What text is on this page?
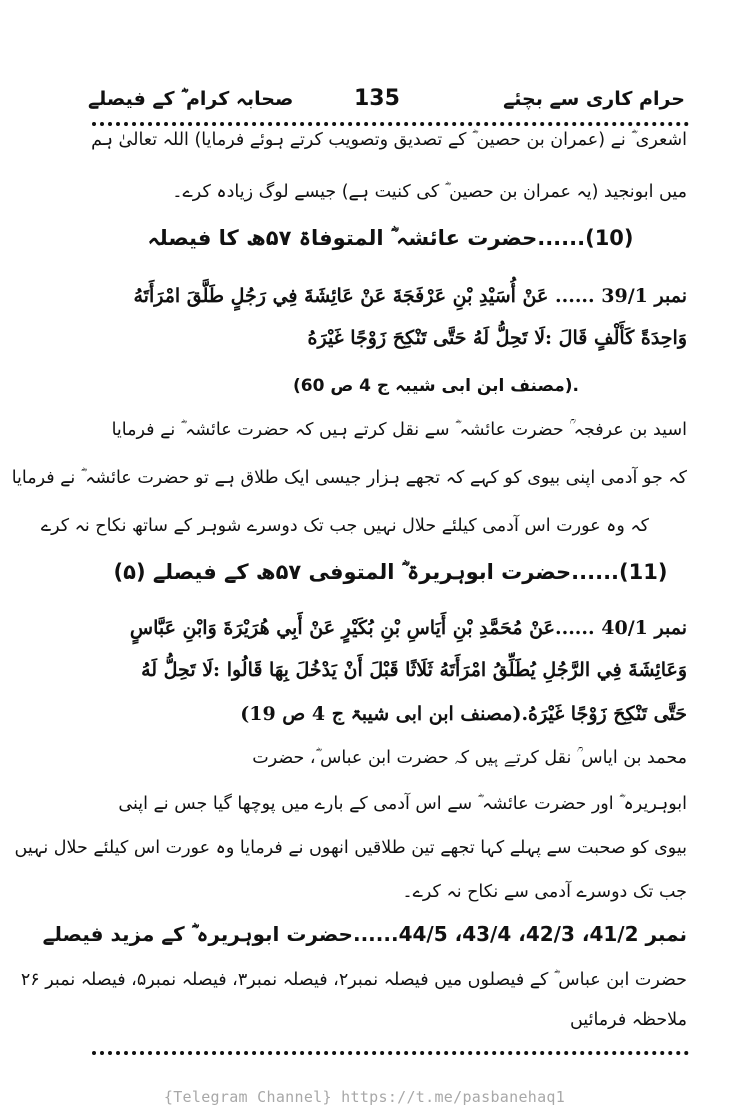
حرام کاری سے بچئے
135
صحابہ کرام ؓ کے فیصلے
اشعری ؓ نے (عمران بن حصین ؓ کے تصدیق وتصویب کرتے ہوئے فرمایا) اللہ تعالیٰ ہم
میں ابونجید (یہ عمران بن حصین ؓ کی کنیت ہے) جیسے لوگ زیادہ کرے۔
(10)......حضرت عائشہ ؓ المتوفاۃ ۵۷ھ کا فیصلہ
نمبر 39/1 ...... عَنْ أُسَيْدِ بْنِ عَرْفَجَةَ عَنْ عَائِشَةَ فِي رَجُلٍ طَلَّقَ امْرَأَتَهُ
وَاحِدَةً كَأَلْفٍ قَالَ :لَا تَحِلُّ لَهُ حَتَّى تَنْكِحَ زَوْجًا غَيْرَهُ
.(مصنف ابن ابی شیبہ ج 4 ص 60)
اسید بن عرفجہ ؒ حضرت عائشہ ؓ سے نقل کرتے ہیں کہ حضرت عائشہ ؓ نے فرمایا
کہ جو آدمی اپنی بیوی کو کہے کہ تجھے ہزار جیسی ایک طلاق ہے تو حضرت عائشہ ؓ نے فرمایا
کہ وہ عورت اس آدمی کیلئے حلال نہیں جب تک دوسرے شوہر کے ساتھ نکاح نہ کرے
(11)......حضرت ابوہریرۃ ؓ المتوفی ۵۷ھ کے فیصلے (۵)
نمبر 40/1 ......عَنْ مُحَمَّدِ بْنِ أَيَاسِ بْنِ بُكَيْرٍ عَنْ أَبِي هُرَيْرَةَ وَابْنِ عَبَّاسٍ
وَعَائِشَةَ فِي الرَّجُلِ يُطَلِّقُ امْرَأَتَهُ ثَلَاثًا قَبْلَ أَنْ يَدْخُلَ بِهَا قَالُوا :لَا تَحِلُّ لَهُ
حَتَّى تَنْكِحَ زَوْجًا غَيْرَهُ.(مصنف ابن ابی شیبۃ ج 4 ص 19)
محمد بن ایاس ؒ نقل کرتے ہیں کہ حضرت ابن عباس ؓ، حضرت
ابوہریرہ ؓ اور حضرت عائشہ ؓ سے اس آدمی کے بارے میں پوچھا گیا جس نے اپنی
بیوی کو صحبت سے پہلے کہا تجھے تین طلاقیں انھوں نے فرمایا وہ عورت اس کیلئے حلال نہیں
جب تک دوسرے آدمی سے نکاح نہ کرے۔
نمبر 41/2، 42/3، 43/4، 44/5......حضرت ابوہریرہ ؓ کے مزید فیصلے
حضرت ابن عباس ؓ کے فیصلوں میں فیصلہ نمبر۲، فیصلہ نمبر۳، فیصلہ نمبر۵، فیصلہ نمبر ۲۶
ملاحظہ فرمائیں
{Telegram Channel} https://t.me/pasbanehaq1
